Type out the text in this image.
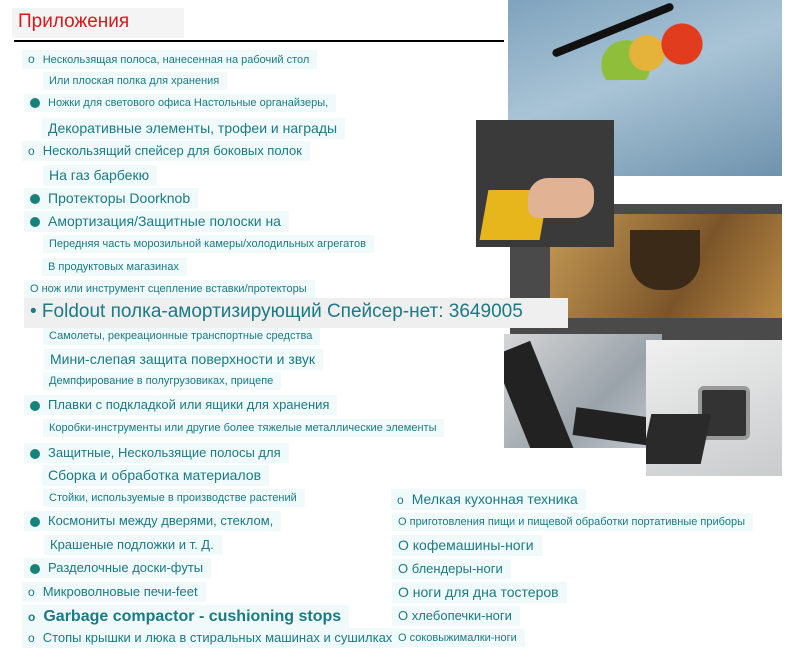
Приложения
o Нескользящая полоса, нанесенная на рабочий стол
Или плоская полка для хранения
Ножки для светового офиса Настольные органайзеры,
Декоративные элементы, трофеи и награды
o Нескользящий спейсер для боковых полок
На газ барбекю
Протекторы Doorknob
Амортизация/Защитные полоски на
Передняя часть морозильной камеры/холодильных агрегатов
В продуктовых магазинах
О нож или инструмент сцепление вставки/протекторы
• Foldout полка-амортизирующий Спейсер-нет: 3649005
Самолеты, рекреационные транспортные средства
Мини-слепая защита поверхности и звук
Демпфирование в полугрузовиках, прицепе
Плавки с подкладкой или ящики для хранения
Коробки-инструменты или другие более тяжелые металлические элементы
Защитные, Нескользящие полосы для
Сборка и обработка материалов
Стойки, используемые в производстве растений
Космониты между дверями, стеклом,
Крашеные подложки и т. Д.
Разделочные доски-футы
o Микроволновые печи-feet
o Garbage compactor - cushioning stops
o Стопы крышки и люка в стиральных машинах и сушилках
o Мелкая кухонная техника
О приготовления пищи и пищевой обработки портативные приборы
О кофемашины-ноги
О блендеры-ноги
О ноги для дна тостеров
О хлебопечки-ноги
О соковыжималки-ноги
